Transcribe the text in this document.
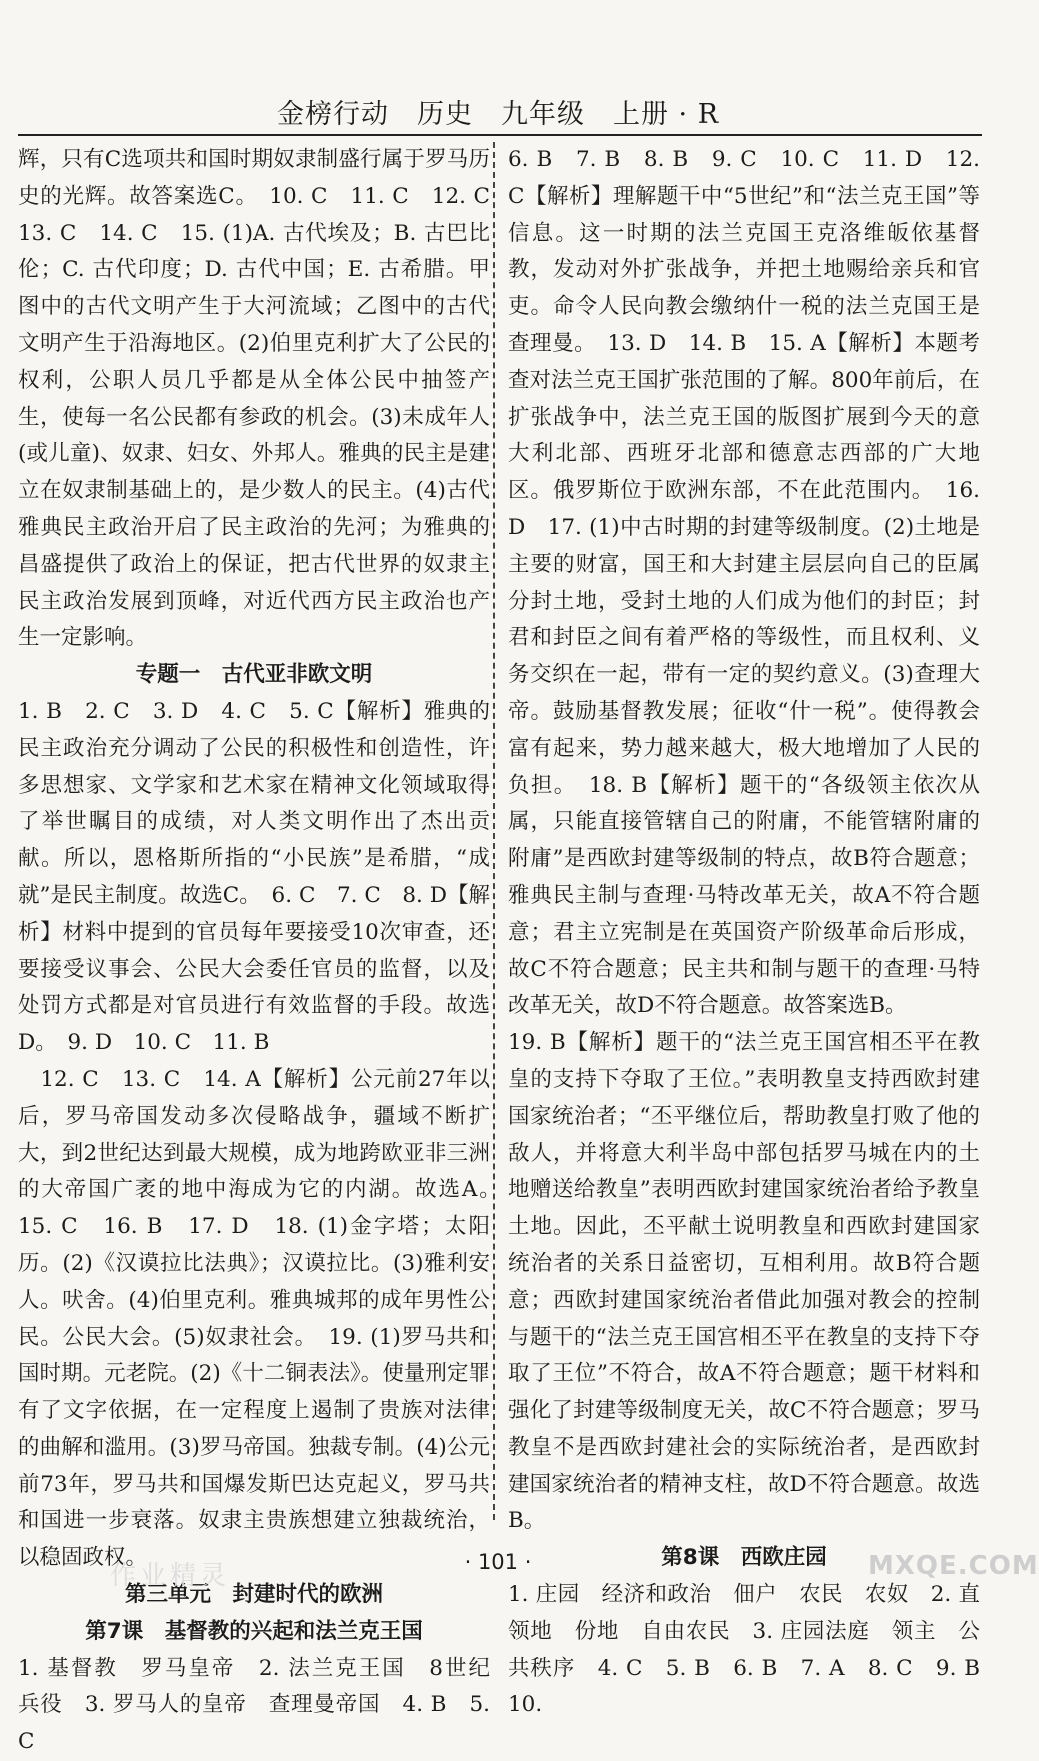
金榜行动　历史　九年级　上册 · R

辉，只有C选项共和国时期奴隶制盛行属于罗马历史的光辉。故答案选C。　10. C　11. C　12. C　13. C　14. C　15. (1)A. 古代埃及；B. 古巴比伦；C. 古代印度；D. 古代中国；E. 古希腊。甲图中的古代文明产生于大河流域；乙图中的古代文明产生于沿海地区。(2)伯里克利扩大了公民的权利，公职人员几乎都是从全体公民中抽签产生，使每一名公民都有参政的机会。(3)未成年人(或儿童)、奴隶、妇女、外邦人。雅典的民主是建立在奴隶制基础上的，是少数人的民主。(4)古代雅典民主政治开启了民主政治的先河；为雅典的昌盛提供了政治上的保证，把古代世界的奴隶主民主政治发展到顶峰，对近代西方民主政治也产生一定影响。

专题一　古代亚非欧文明

1. B　2. C　3. D　4. C　5. C【解析】雅典的民主政治充分调动了公民的积极性和创造性，许多思想家、文学家和艺术家在精神文化领域取得了举世瞩目的成绩，对人类文明作出了杰出贡献。所以，恩格斯所指的“小民族”是希腊，“成就”是民主制度。故选C。　6. C　7. C　8. D【解析】材料中提到的官员每年要接受10次审查，还要接受议事会、公民大会委任官员的监督，以及处罚方式都是对官员进行有效监督的手段。故选D。　9. D　10. C　11. B

　12. C　13. C　14. A【解析】公元前27年以后，罗马帝国发动多次侵略战争，疆域不断扩大，到2世纪达到最大规模，成为地跨欧亚非三洲的大帝国广袤的地中海成为它的内湖。故选A。　15. C　16. B　17. D　18. (1)金字塔；太阳历。(2)《汉谟拉比法典》；汉谟拉比。(3)雅利安人。吠舍。(4)伯里克利。雅典城邦的成年男性公民。公民大会。(5)奴隶社会。　19. (1)罗马共和国时期。元老院。(2)《十二铜表法》。使量刑定罪有了文字依据，在一定程度上遏制了贵族对法律的曲解和滥用。(3)罗马帝国。独裁专制。(4)公元前73年，罗马共和国爆发斯巴达克起义，罗马共和国进一步衰落。奴隶主贵族想建立独裁统治，以稳固政权。

第三单元　封建时代的欧洲
第7课　基督教的兴起和法兰克王国

1. 基督教　罗马皇帝　2. 法兰克王国　8世纪　兵役　3. 罗马人的皇帝　查理曼帝国　4. B　5. C

6. B　7. B　8. B　9. C　10. C　11. D　12. C【解析】理解题干中“5世纪”和“法兰克王国”等信息。这一时期的法兰克国王克洛维皈依基督教，发动对外扩张战争，并把土地赐给亲兵和官吏。命令人民向教会缴纳什一税的法兰克国王是查理曼。　13. D　14. B　15. A【解析】本题考查对法兰克王国扩张范围的了解。800年前后，在扩张战争中，法兰克王国的版图扩展到今天的意大利北部、西班牙北部和德意志西部的广大地区。俄罗斯位于欧洲东部，不在此范围内。　16. D　17. (1)中古时期的封建等级制度。(2)土地是主要的财富，国王和大封建主层层向自己的臣属分封土地，受封土地的人们成为他们的封臣；封君和封臣之间有着严格的等级性，而且权利、义务交织在一起，带有一定的契约意义。(3)查理大帝。鼓励基督教发展；征收“什一税”。使得教会富有起来，势力越来越大，极大地增加了人民的负担。　18. B【解析】题干的“各级领主依次从属，只能直接管辖自己的附庸，不能管辖附庸的附庸”是西欧封建等级制的特点，故B符合题意；雅典民主制与查理·马特改革无关，故A不符合题意；君主立宪制是在英国资产阶级革命后形成，故C不符合题意；民主共和制与题干的查理·马特改革无关，故D不符合题意。故答案选B。

19. B【解析】题干的“法兰克王国宫相丕平在教皇的支持下夺取了王位。”表明教皇支持西欧封建国家统治者；“丕平继位后，帮助教皇打败了他的敌人，并将意大利半岛中部包括罗马城在内的土地赠送给教皇”表明西欧封建国家统治者给予教皇土地。因此，丕平献土说明教皇和西欧封建国家统治者的关系日益密切，互相利用。故B符合题意；西欧封建国家统治者借此加强对教会的控制与题干的“法兰克王国宫相丕平在教皇的支持下夺取了王位”不符合，故A不符合题意；题干材料和强化了封建等级制度无关，故C不符合题意；罗马教皇不是西欧封建社会的实际统治者，是西欧封建国家统治者的精神支柱，故D不符合题意。故选B。

第8课　西欧庄园

1. 庄园　经济和政治　佃户　农民　农奴　2. 直领地　份地　自由农民　3. 庄园法庭　领主　公共秩序　4. C　5. B　6. B　7. A　8. C　9. B　10.

· 101 ·
作业精灵	MXQE.COM
